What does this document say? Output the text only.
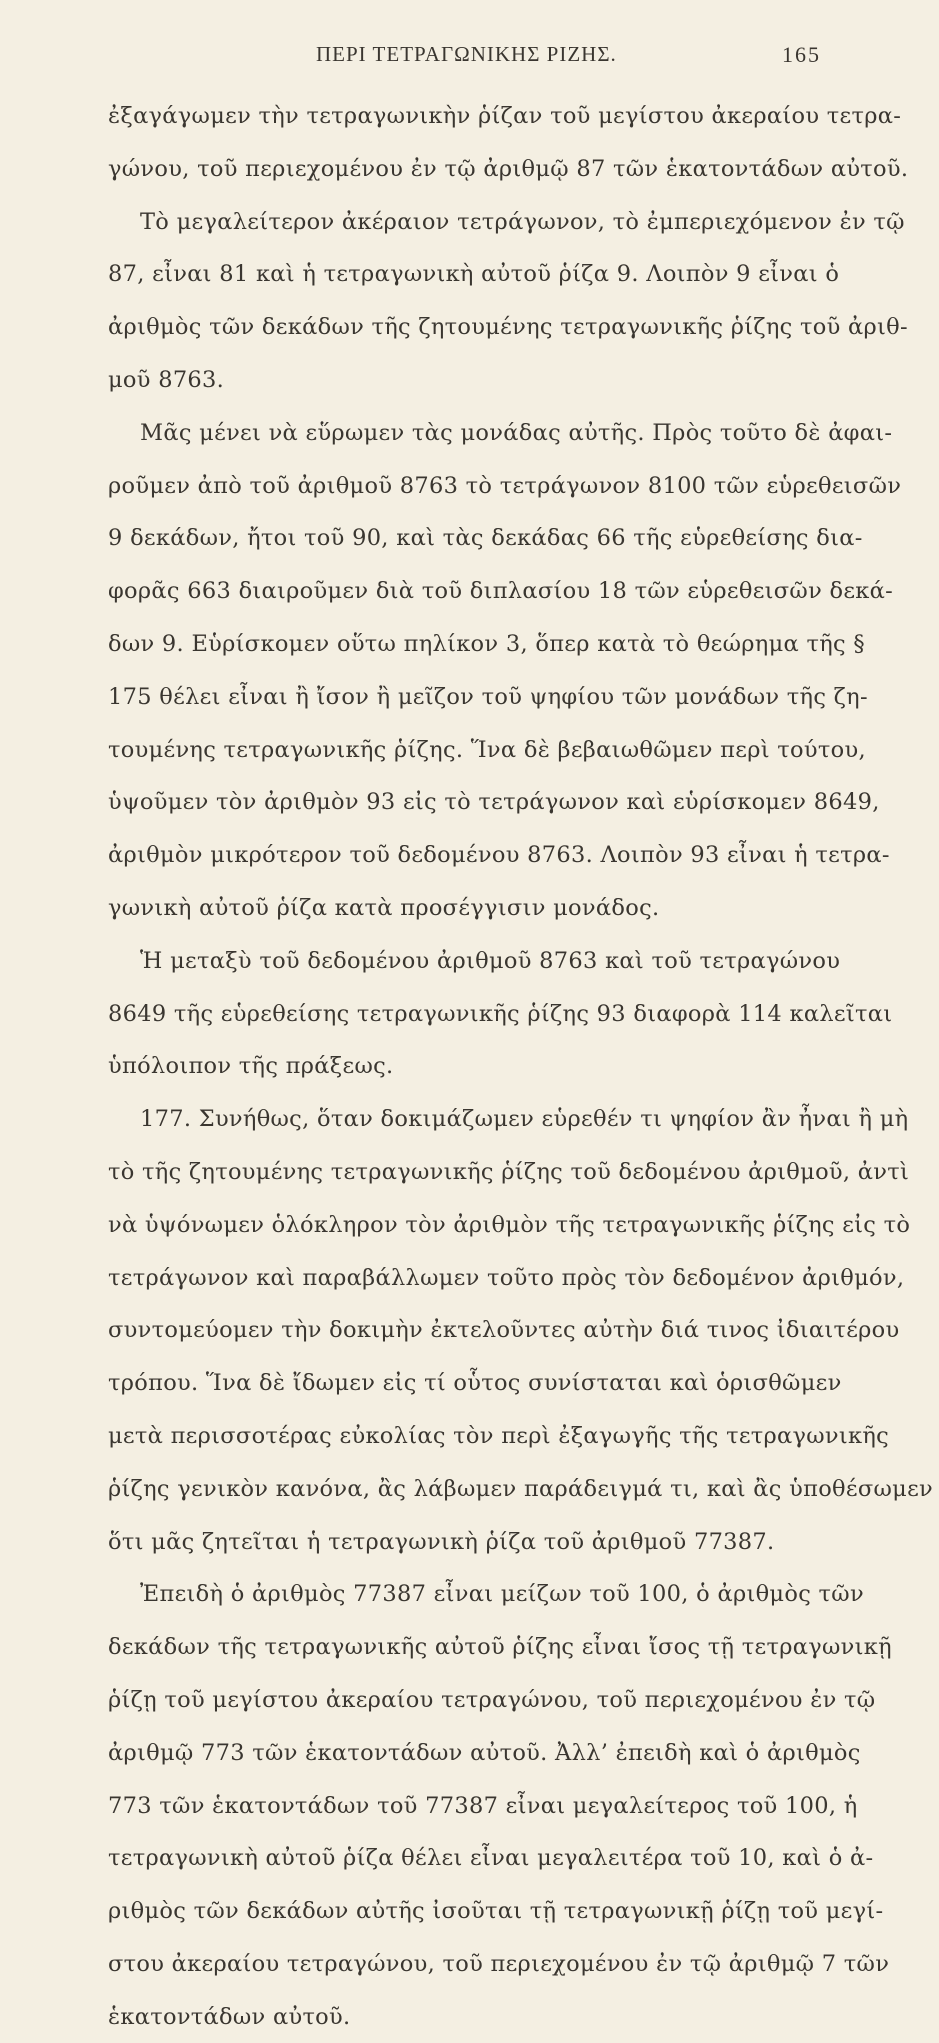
ΠΕΡΙ ΤΕΤΡΑΓΩΝΙΚΗΣ ΡΙΖΗΣ.	165
ἐξαγάγωμεν τὴν τετραγωνικὴν ῥίζαν τοῦ μεγίστου ἀκεραίου τετρα-
γώνου, τοῦ περιεχομένου ἐν τῷ ἀριθμῷ 87 τῶν ἑκατοντάδων αὐτοῦ.
Τὸ μεγαλείτερον ἀκέραιον τετράγωνον, τὸ ἐμπεριεχόμενον ἐν τῷ
87, εἶναι 81 καὶ ἡ τετραγωνικὴ αὐτοῦ ῥίζα 9. Λοιπὸν 9 εἶναι ὁ
ἀριθμὸς τῶν δεκάδων τῆς ζητουμένης τετραγωνικῆς ῥίζης τοῦ ἀριθ-
μοῦ 8763.
Μᾶς μένει νὰ εὕρωμεν τὰς μονάδας αὐτῆς. Πρὸς τοῦτο δὲ ἀφαι-
ροῦμεν ἀπὸ τοῦ ἀριθμοῦ 8763 τὸ τετράγωνον 8100 τῶν εὑρεθεισῶν
9 δεκάδων, ἤτοι τοῦ 90, καὶ τὰς δεκάδας 66 τῆς εὑρεθείσης δια-
φορᾶς 663 διαιροῦμεν διὰ τοῦ διπλασίου 18 τῶν εὑρεθεισῶν δεκά-
δων 9. Εὑρίσκομεν οὕτω πηλίκον 3, ὅπερ κατὰ τὸ θεώρημα τῆς §
175 θέλει εἶναι ἢ ἴσον ἢ μεῖζον τοῦ ψηφίου τῶν μονάδων τῆς ζη-
τουμένης τετραγωνικῆς ῥίζης. Ἵνα δὲ βεβαιωθῶμεν περὶ τούτου,
ὑψοῦμεν τὸν ἀριθμὸν 93 εἰς τὸ τετράγωνον καὶ εὑρίσκομεν 8649,
ἀριθμὸν μικρότερον τοῦ δεδομένου 8763. Λοιπὸν 93 εἶναι ἡ τετρα-
γωνικὴ αὐτοῦ ῥίζα κατὰ προσέγγισιν μονάδος.
Ἡ μεταξὺ τοῦ δεδομένου ἀριθμοῦ 8763 καὶ τοῦ τετραγώνου
8649 τῆς εὑρεθείσης τετραγωνικῆς ῥίζης 93 διαφορὰ 114 καλεῖται
ὑπόλοιπον τῆς πράξεως.
177. Συνήθως, ὅταν δοκιμάζωμεν εὑρεθέν τι ψηφίον ἂν ἦναι ἢ μὴ
τὸ τῆς ζητουμένης τετραγωνικῆς ῥίζης τοῦ δεδομένου ἀριθμοῦ, ἀντὶ
νὰ ὑψόνωμεν ὁλόκληρον τὸν ἀριθμὸν τῆς τετραγωνικῆς ῥίζης εἰς τὸ
τετράγωνον καὶ παραβάλλωμεν τοῦτο πρὸς τὸν δεδομένον ἀριθμόν,
συντομεύομεν τὴν δοκιμὴν ἐκτελοῦντες αὐτὴν διά τινος ἰδιαιτέρου
τρόπου. Ἵνα δὲ ἴδωμεν εἰς τί οὗτος συνίσταται καὶ ὁρισθῶμεν
μετὰ περισσοτέρας εὐκολίας τὸν περὶ ἐξαγωγῆς τῆς τετραγωνικῆς
ῥίζης γενικὸν κανόνα, ἂς λάβωμεν παράδειγμά τι, καὶ ἂς ὑποθέσωμεν
ὅτι μᾶς ζητεῖται ἡ τετραγωνικὴ ῥίζα τοῦ ἀριθμοῦ 77387.
Ἐπειδὴ ὁ ἀριθμὸς 77387 εἶναι μείζων τοῦ 100, ὁ ἀριθμὸς τῶν
δεκάδων τῆς τετραγωνικῆς αὐτοῦ ῥίζης εἶναι ἴσος τῇ τετραγωνικῇ
ῥίζῃ τοῦ μεγίστου ἀκεραίου τετραγώνου, τοῦ περιεχομένου ἐν τῷ
ἀριθμῷ 773 τῶν ἑκατοντάδων αὐτοῦ. Ἀλλ’ ἐπειδὴ καὶ ὁ ἀριθμὸς
773 τῶν ἑκατοντάδων τοῦ 77387 εἶναι μεγαλείτερος τοῦ 100, ἡ
τετραγωνικὴ αὐτοῦ ῥίζα θέλει εἶναι μεγαλειτέρα τοῦ 10, καὶ ὁ ἀ-
ριθμὸς τῶν δεκάδων αὐτῆς ἰσοῦται τῇ τετραγωνικῇ ῥίζῃ τοῦ μεγί-
στου ἀκεραίου τετραγώνου, τοῦ περιεχομένου ἐν τῷ ἀριθμῷ 7 τῶν
ἑκατοντάδων αὐτοῦ.
